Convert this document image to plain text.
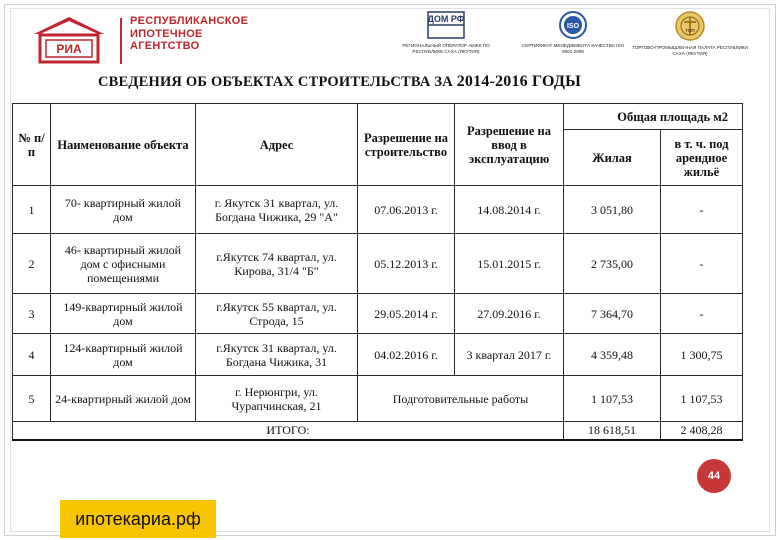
РИА
РЕСПУБЛИКАНСКОЕ
ИПОТЕЧНОЕ
АГЕНТСТВО
ДОМ РФ
РЕГИОНАЛЬНЫЙ ОПЕРАТОР АИЖК ПО РЕСПУБЛИКЕ САХА (ЯКУТИЯ)
ISO
СЕРТИФИКАТ МЕНЕДЖМЕНТА КАЧЕСТВА ISO 9001:2008
ТПП
ТОРГОВО-ПРОМЫШЛЕННАЯ ПАЛАТА РЕСПУБЛИКИ САХА (ЯКУТИЯ)
СВЕДЕНИЯ ОБ ОБЪЕКТАХ СТРОИТЕЛЬСТВА ЗА 2014-2016 ГОДЫ
№ п/п	Наименование объекта	Адрес	Разрешение на строительство	Разрешение на ввод в эксплуатацию	Общая площадь м2	
					Жилая	в т. ч. под арендное жильё
1	70- квартирный жилой дом	г. Якутск 31 квартал, ул. Богдана Чижика, 29 "А"	07.06.2013 г.	14.08.2014 г.	3 051,80	-
2	46- квартирный жилой дом с офисными помещениями	г.Якутск 74 квартал, ул. Кирова, 31/4 "Б"	05.12.2013 г.	15.01.2015 г.	2 735,00	-
3	149-квартирный жилой дом	г.Якутск 55 квартал, ул. Строда, 15	29.05.2014 г.	27.09.2016 г.	7 364,70	-
4	124-квартирный жилой дом	г.Якутск 31 квартал, ул. Богдана Чижика, 31	04.02.2016 г.	3 квартал 2017 г.	4 359,48	1 300,75
5	24-квартирный жилой дом	г. Нерюнгри, ул. Чурапчинская, 21	Подготовительные работы		1 107,53	1 107,53
ИТОГО:					18 618,51	2 408,28
44
ипотекариа.рф
